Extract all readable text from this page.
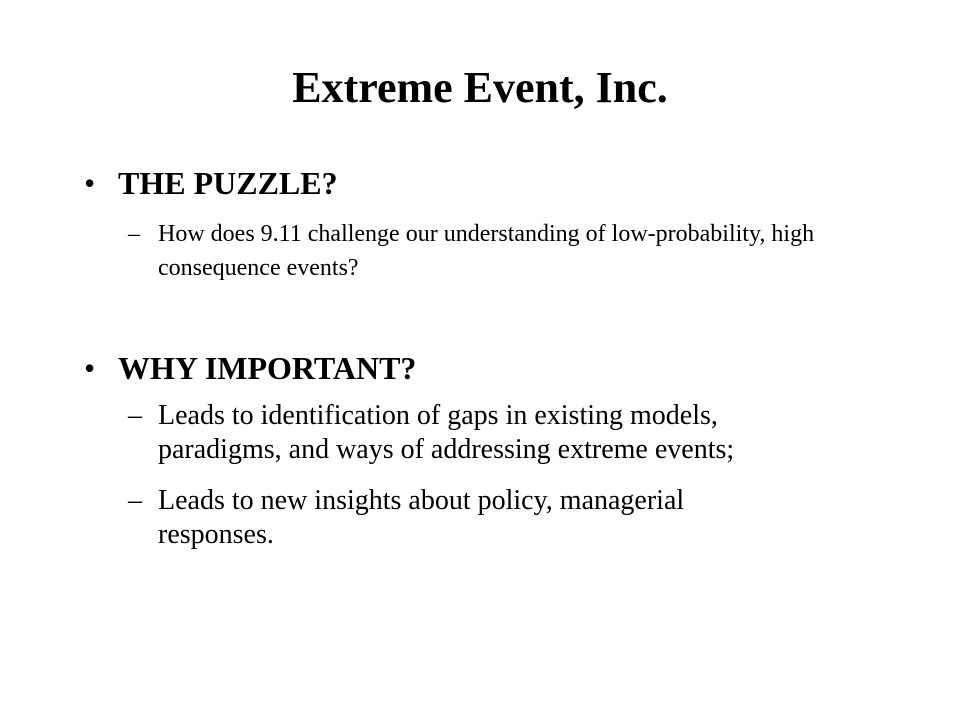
Extreme Event, Inc.
• THE PUZZLE?
– How does 9.11 challenge our understanding of low-probability, high consequence events?
• WHY IMPORTANT?
– Leads to identification of gaps in existing models, paradigms, and ways of addressing extreme events;
– Leads to new insights about policy, managerial responses.
